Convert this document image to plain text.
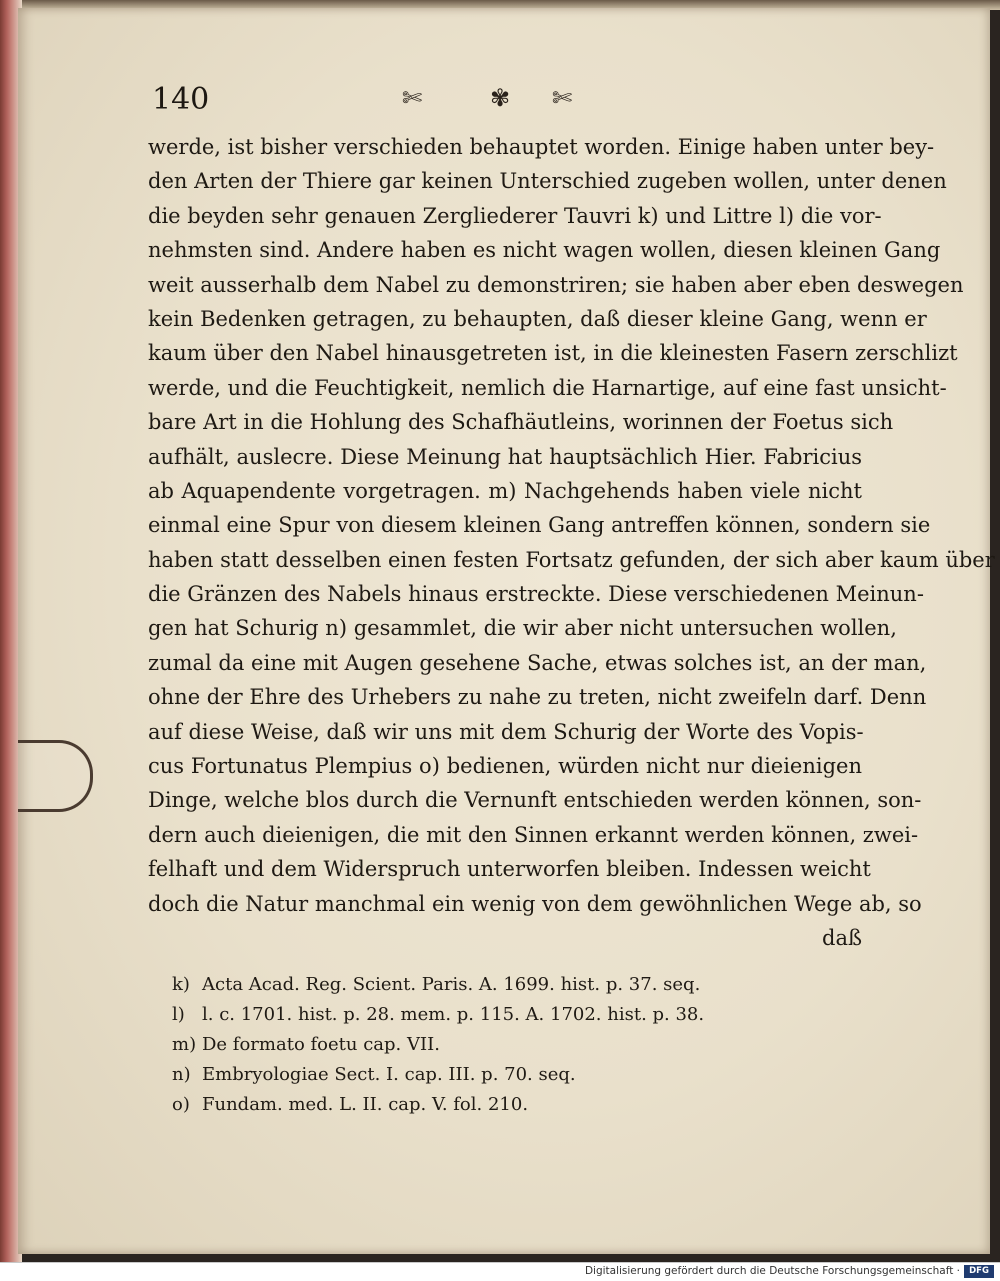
140	✄	✾ ✄
werde, ist bisher verschieden behauptet worden. Einige haben unter bey-
den Arten der Thiere gar keinen Unterschied zugeben wollen, unter denen
die beyden sehr genauen Zergliederer Tauvri k) und Littre l) die vor-
nehmsten sind. Andere haben es nicht wagen wollen, diesen kleinen Gang
weit ausserhalb dem Nabel zu demonstriren; sie haben aber eben deswegen
kein Bedenken getragen, zu behaupten, daß dieser kleine Gang, wenn er
kaum über den Nabel hinausgetreten ist, in die kleinesten Fasern zerschlizt
werde, und die Feuchtigkeit, nemlich die Harnartige, auf eine fast unsicht-
bare Art in die Hohlung des Schafhäutleins, worinnen der Foetus sich
aufhält, auslecre. Diese Meinung hat hauptsächlich Hier. Fabricius
ab Aquapendente vorgetragen. m) Nachgehends haben viele nicht
einmal eine Spur von diesem kleinen Gang antreffen können, sondern sie
haben statt desselben einen festen Fortsatz gefunden, der sich aber kaum über
die Gränzen des Nabels hinaus erstreckte. Diese verschiedenen Meinun-
gen hat Schurig n) gesammlet, die wir aber nicht untersuchen wollen,
zumal da eine mit Augen gesehene Sache, etwas solches ist, an der man,
ohne der Ehre des Urhebers zu nahe zu treten, nicht zweifeln darf. Denn
auf diese Weise, daß wir uns mit dem Schurig der Worte des Vopis-
cus Fortunatus Plempius o) bedienen, würden nicht nur dieienigen
Dinge, welche blos durch die Vernunft entschieden werden können, son-
dern auch dieienigen, die mit den Sinnen erkannt werden können, zwei-
felhaft und dem Widerspruch unterworfen bleiben. Indessen weicht
doch die Natur manchmal ein wenig von dem gewöhnlichen Wege ab, so
daß
k) Acta Acad. Reg. Scient. Paris. A. 1699. hist. p. 37. seq.
l) l. c. 1701. hist. p. 28. mem. p. 115. A. 1702. hist. p. 38.
m) De formato foetu cap. VII.
n) Embryologiae Sect. I. cap. III. p. 70. seq.
o) Fundam. med. L. II. cap. V. fol. 210.
Digitalisierung gefördert durch die Deutsche Forschungsgemeinschaft ·	DFG
